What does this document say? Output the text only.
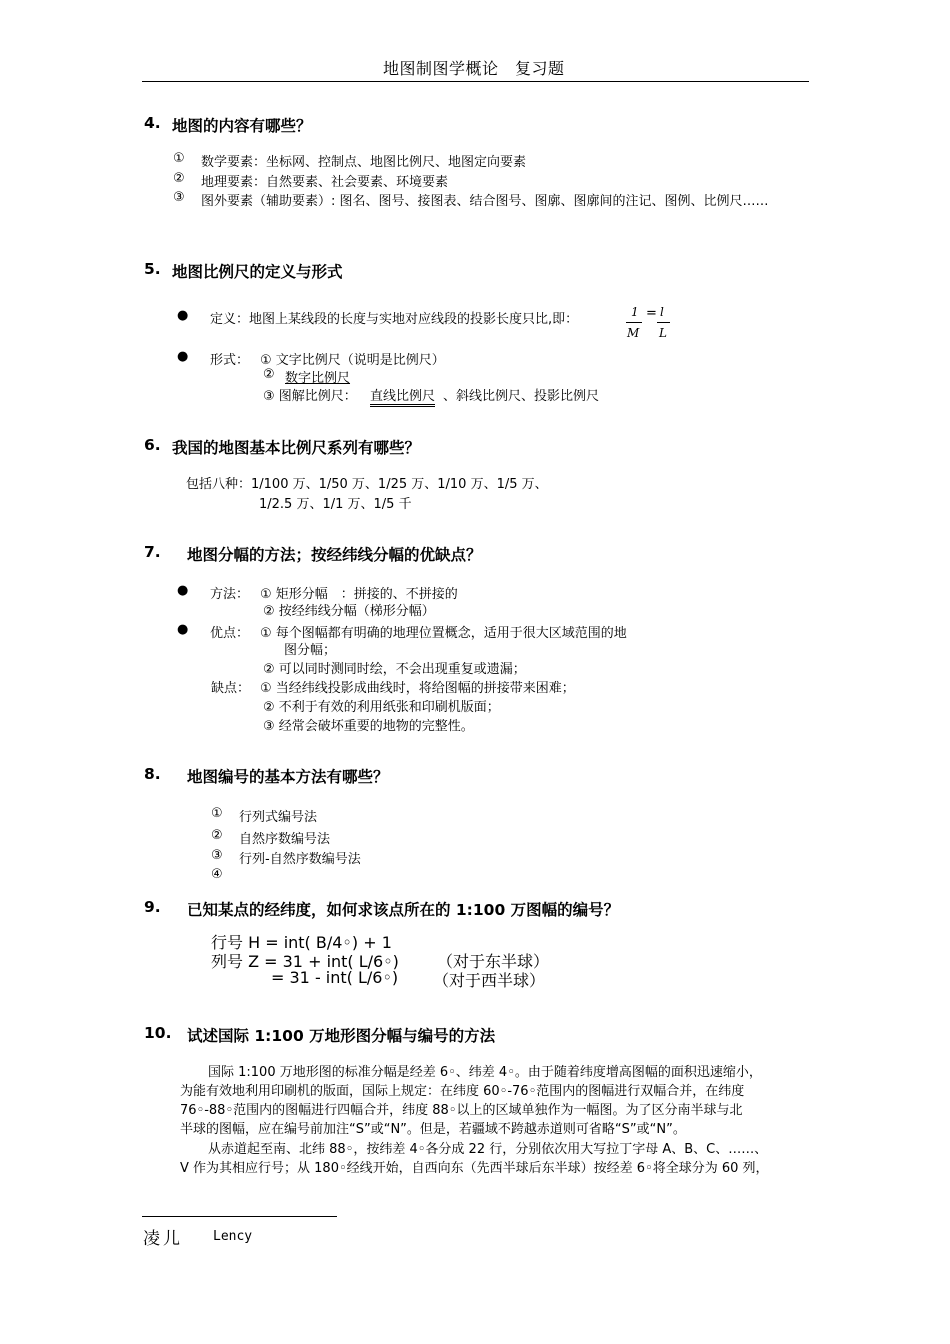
地图制图学概论　复习题
4. 地图的内容有哪些？
① 数学要素：坐标网、控制点、地图比例尺、地图定向要素
② 地理要素：自然要素、社会要素、环境要素
③ 图外要素（辅助要素）: 图名、图号、接图表、结合图号、图廓、图廓间的注记、图例、比例尺……
5. 地图比例尺的定义与形式
● 定义：地图上某线段的长度与实地对应线段的投影长度只比,即：	1
M
= l
L
● 形式： ① 文字比例尺（说明是比例尺）
② 数字比例尺
③ 图解比例尺： 直线比例尺 、斜线比例尺、投影比例尺
6. 我国的地图基本比例尺系列有哪些？
包括八种：1/100 万、1/50 万、1/25 万、1/10 万、1/5 万、
1/2.5 万、1/1 万、1/5 千
7. 地图分幅的方法；按经纬线分幅的优缺点？
● 方法： ① 矩形分幅　：拼接的、不拼接的
② 按经纬线分幅（梯形分幅）
● 优点： ① 每个图幅都有明确的地理位置概念，适用于很大区域范围的地
图分幅；
② 可以同时测同时绘，不会出现重复或遗漏；
缺点： ① 当经纬线投影成曲线时，将给图幅的拼接带来困难；
② 不利于有效的利用纸张和印刷机版面；
③ 经常会破坏重要的地物的完整性。
8. 地图编号的基本方法有哪些？
① 行列式编号法
② 自然序数编号法
③ 行列-自然序数编号法
④
9. 已知某点的经纬度，如何求该点所在的 1:100 万图幅的编号？
行号 H = int( B/4◦) + 1
列号 Z = 31 + int( L/6◦) （对于东半球）
= 31 - int( L/6◦) （对于西半球）
10. 试述国际 1:100 万地形图分幅与编号的方法
国际 1:100 万地形图的标准分幅是经差 6◦、纬差 4◦。由于随着纬度增高图幅的面积迅速缩小，
为能有效地利用印刷机的版面，国际上规定：在纬度 60◦-76◦范围内的图幅进行双幅合并，在纬度
76◦-88◦范围内的图幅进行四幅合并，纬度 88◦以上的区域单独作为一幅图。为了区分南半球与北
半球的图幅，应在编号前加注“S”或“N”。但是，若疆域不跨越赤道则可省略“S”或“N”。
从赤道起至南、北纬 88◦，按纬差 4◦各分成 22 行，分别依次用大写拉丁字母 A、B、C、……、
V 作为其相应行号；从 180◦经线开始，自西向东（先西半球后东半球）按经差 6◦将全球分为 60 列，
凌儿 Lency
